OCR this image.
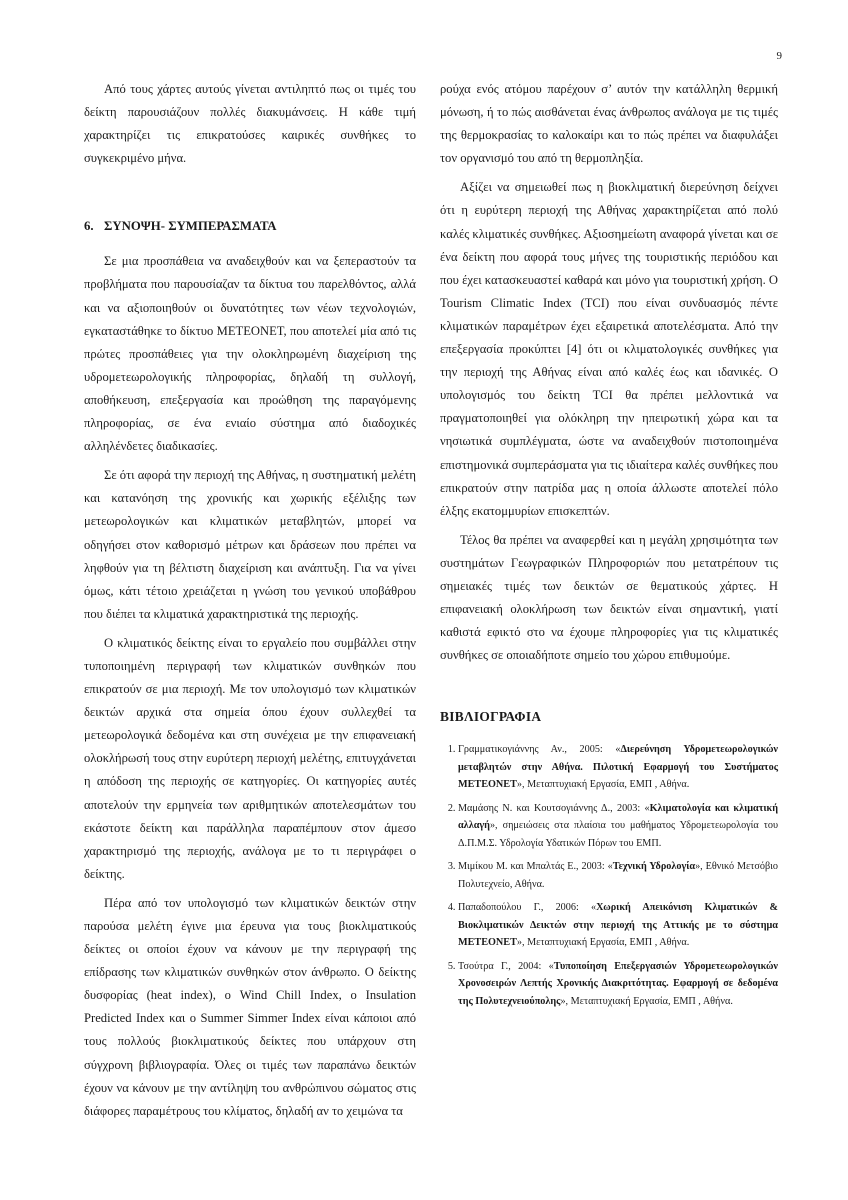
9

Από τους χάρτες αυτούς γίνεται αντιληπτό πως οι τιμές του δείκτη παρουσιάζουν πολλές διακυμάνσεις. Η κάθε τιμή χαρακτηρίζει τις επικρατούσες καιρικές συνθήκες το συγκεκριμένο μήνα.

6. ΣΥΝΟΨΗ- ΣΥΜΠΕΡΑΣΜΑΤΑ

Σε μια προσπάθεια να αναδειχθούν και να ξεπεραστούν τα προβλήματα που παρουσίαζαν τα δίκτυα του παρελθόντος, αλλά και να αξιοποιηθούν οι δυνατότητες των νέων τεχνολογιών, εγκαταστάθηκε το δίκτυο METEONET, που αποτελεί μία από τις πρώτες προσπάθειες για την ολοκληρωμένη διαχείριση της υδρομετεωρολογικής πληροφορίας, δηλαδή τη συλλογή, αποθήκευση, επεξεργασία και προώθηση της παραγόμενης πληροφορίας, σε ένα ενιαίο σύστημα από διαδοχικές αλληλένδετες διαδικασίες.

Σε ότι αφορά την περιοχή της Αθήνας, η συστηματική μελέτη και κατανόηση της χρονικής και χωρικής εξέλιξης των μετεωρολογικών και κλιματικών μεταβλητών, μπορεί να οδηγήσει στον καθορισμό μέτρων και δράσεων που πρέπει να ληφθούν για τη βέλτιστη διαχείριση και ανάπτυξη. Για να γίνει όμως, κάτι τέτοιο χρειάζεται η γνώση του γενικού υποβάθρου που διέπει τα κλιματικά χαρακτηριστικά της περιοχής.

Ο κλιματικός δείκτης είναι το εργαλείο που συμβάλλει στην τυποποιημένη περιγραφή των κλιματικών συνθηκών που επικρατούν σε μια περιοχή. Με τον υπολογισμό των κλιματικών δεικτών αρχικά στα σημεία όπου έχουν συλλεχθεί τα μετεωρολογικά δεδομένα και στη συνέχεια με την επιφανειακή ολοκλήρωσή τους στην ευρύτερη περιοχή μελέτης, επιτυγχάνεται η απόδοση της περιοχής σε κατηγορίες. Οι κατηγορίες αυτές αποτελούν την ερμηνεία των αριθμητικών αποτελεσμάτων του εκάστοτε δείκτη και παράλληλα παραπέμπουν στον άμεσο χαρακτηρισμό της περιοχής, ανάλογα με το τι περιγράφει ο δείκτης.

Πέρα από τον υπολογισμό των κλιματικών δεικτών στην παρούσα μελέτη έγινε μια έρευνα για τους βιοκλιματικούς δείκτες οι οποίοι έχουν να κάνουν με την περιγραφή της επίδρασης των κλιματικών συνθηκών στον άνθρωπο. Ο δείκτης δυσφορίας (heat index), ο Wind Chill Index, ο Insulation Predicted Index και ο Summer Simmer Index είναι κάποιοι από τους πολλούς βιοκλιματικούς δείκτες που υπάρχουν στη σύγχρονη βιβλιογραφία. Όλες οι τιμές των παραπάνω δεικτών έχουν να κάνουν με την αντίληψη του ανθρώπινου σώματος στις διάφορες παραμέτρους του κλίματος, δηλαδή αν το χειμώνα τα

ρούχα ενός ατόμου παρέχουν σ’ αυτόν την κατάλληλη θερμική μόνωση, ή το πώς αισθάνεται ένας άνθρωπος ανάλογα με τις τιμές της θερμοκρασίας το καλοκαίρι και το πώς πρέπει να διαφυλάξει τον οργανισμό του από τη θερμοπληξία.

Αξίζει να σημειωθεί πως η βιοκλιματική διερεύνηση δείχνει ότι η ευρύτερη περιοχή της Αθήνας χαρακτηρίζεται από πολύ καλές κλιματικές συνθήκες. Αξιοσημείωτη αναφορά γίνεται και σε ένα δείκτη που αφορά τους μήνες της τουριστικής περιόδου και που έχει κατασκευαστεί καθαρά και μόνο για τουριστική χρήση. Ο Tourism Climatic Index (TCI) που είναι συνδυασμός πέντε κλιματικών παραμέτρων έχει εξαιρετικά αποτελέσματα. Από την επεξεργασία προκύπτει [4] ότι οι κλιματολογικές συνθήκες για την περιοχή της Αθήνας είναι από καλές έως και ιδανικές. Ο υπολογισμός του δείκτη TCI θα πρέπει μελλοντικά να πραγματοποιηθεί για ολόκληρη την ηπειρωτική χώρα και τα νησιωτικά συμπλέγματα, ώστε να αναδειχθούν πιστοποιημένα επιστημονικά συμπεράσματα για τις ιδιαίτερα καλές συνθήκες που επικρατούν στην πατρίδα μας η οποία άλλωστε αποτελεί πόλο έλξης εκατομμυρίων επισκεπτών.

Τέλος θα πρέπει να αναφερθεί και η μεγάλη χρησιμότητα των συστημάτων Γεωγραφικών Πληροφοριών που μετατρέπουν τις σημειακές τιμές των δεικτών σε θεματικούς χάρτες. Η επιφανειακή ολοκλήρωση των δεικτών είναι σημαντική, γιατί καθιστά εφικτό στο να έχουμε πληροφορίες για τις κλιματικές συνθήκες σε οποιαδήποτε σημείο του χώρου επιθυμούμε.

ΒΙΒΛΙΟΓΡΑΦΙΑ
1. Γραμματικογιάννης Αν., 2005: «Διερεύνηση Υδρομετεωρολογικών μεταβλητών στην Αθήνα. Πιλοτική Εφαρμογή του Συστήματος METEONET», Μεταπτυχιακή Εργασία, ΕΜΠ , Αθήνα.
2. Μαμάσης Ν. και Κουτσογιάννης Δ., 2003: «Κλιματολογία και κλιματική αλλαγή», σημειώσεις στα πλαίσια του μαθήματος Υδρομετεωρολογία του Δ.Π.Μ.Σ. Υδρολογία Υδατικών Πόρων του ΕΜΠ.
3. Μιμίκου Μ. και Μπαλτάς Ε., 2003: «Τεχνική Υδρολογία», Εθνικό Μετσόβιο Πολυτεχνείο, Αθήνα.
4. Παπαδοπούλου Γ., 2006: «Χωρική Απεικόνιση Κλιματικών & Βιοκλιματικών Δεικτών στην περιοχή της Αττικής με το σύστημα METEONET», Μεταπτυχιακή Εργασία, ΕΜΠ , Αθήνα.
5. Τσούτρα Γ., 2004: «Τυποποίηση Επεξεργασιών Υδρομετεωρολογικών Χρονοσειρών Λεπτής Χρονικής Διακριτότητας. Εφαρμογή σε δεδομένα της Πολυτεχνειούπολης», Μεταπτυχιακή Εργασία, ΕΜΠ , Αθήνα.
